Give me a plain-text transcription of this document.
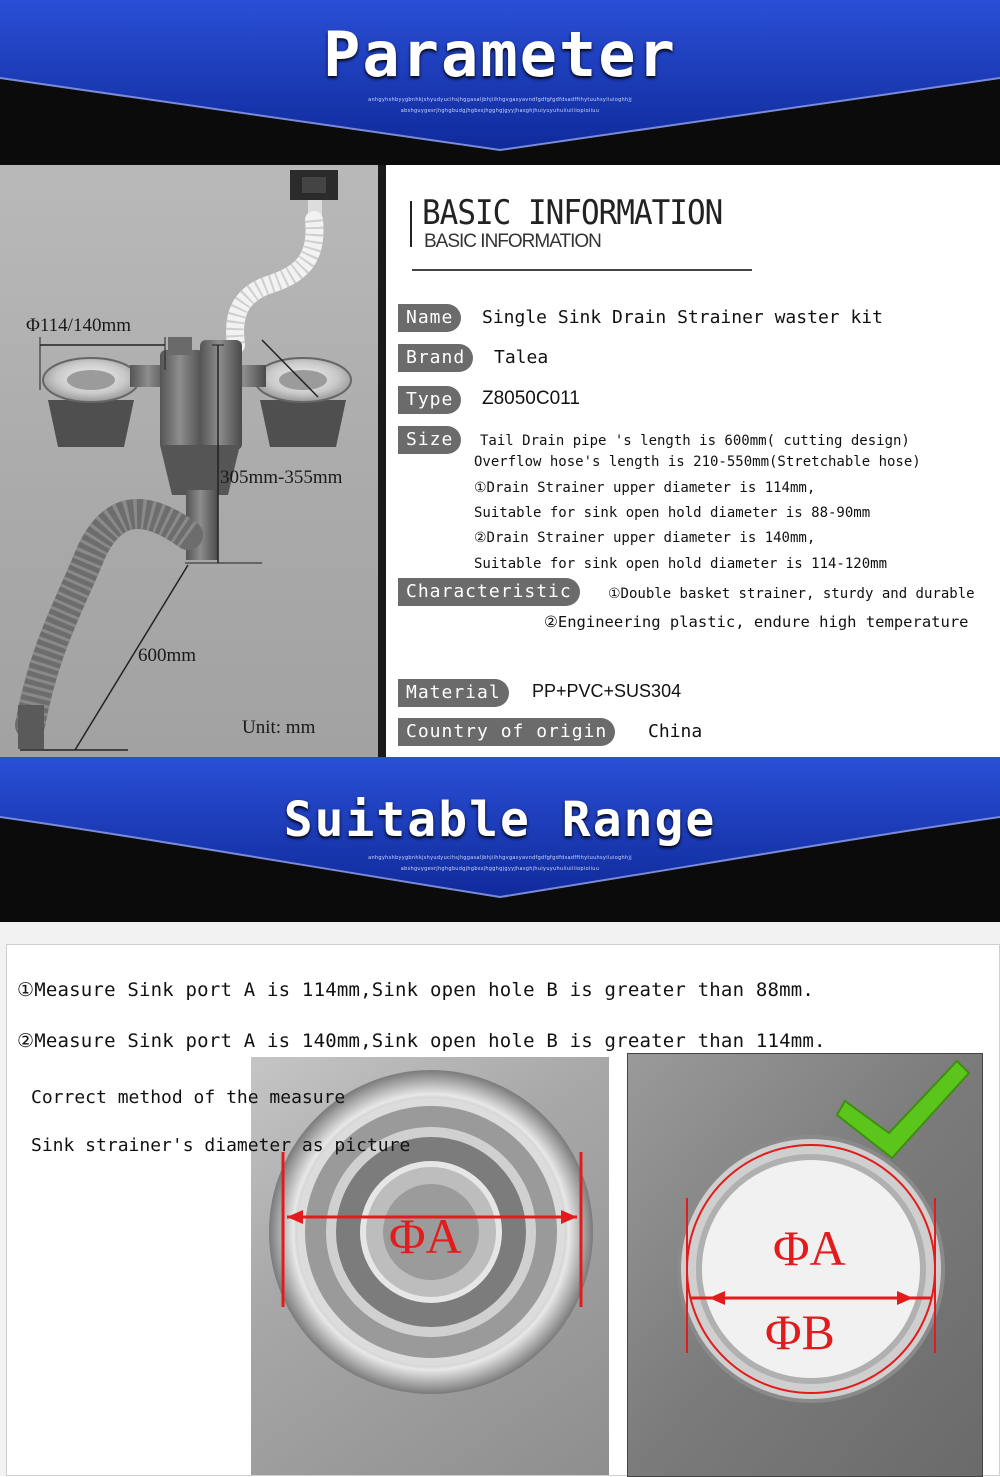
Parameter
anhgyhshbyygbnhkjshyudyucihsjhggasaljbhjiihhgvgasyavndfgdfgfgdfdsadffthytuuhsyiiuioghhjj
abshguygesrjhghgbudgjhgbssjhgghgjgyyjhasghjhuiyuyuhuiiuiiiiopioiiuu
Φ114/140mm
305mm-355mm
600mm
Unit: mm
BASIC INFORMATION
BASIC INFORMATION
Name	Single Sink Drain Strainer waster kit
Brand	Talea
Type	Z8050C011
Size	Tail Drain pipe 's length is 600mm( cutting design)
Overflow hose's length is 210-550mm(Stretchable hose)
①Drain Strainer upper diameter is 114mm,
Suitable for sink open hold diameter is 88-90mm
②Drain Strainer upper diameter is 140mm,
Suitable for sink open hold diameter is 114-120mm
Characteristic	①Double basket strainer, sturdy and durable
②Engineering plastic, endure high temperature
Material	PP+PVC+SUS304
Country of origin	China
Suitable Range
anhgyhshbyygbnhkjshyudyucihsjhggasaljbhjiihhgvgasyavndfgdfgfgdfdsadffthytuuhsyiiuioghhjj
abshguygesrjhghgbudgjhgbssjhgghgjgyyjhasghjhuiyuyuhuiiuiiiiopioiiuu
①Measure Sink port A is 114mm,Sink open hole B is greater than 88mm.
②Measure Sink port A is 140mm,Sink open hole B is greater than 114mm.
Correct method of the measure
Sink strainer's diameter as picture
ΦA	ΦA
ΦB
